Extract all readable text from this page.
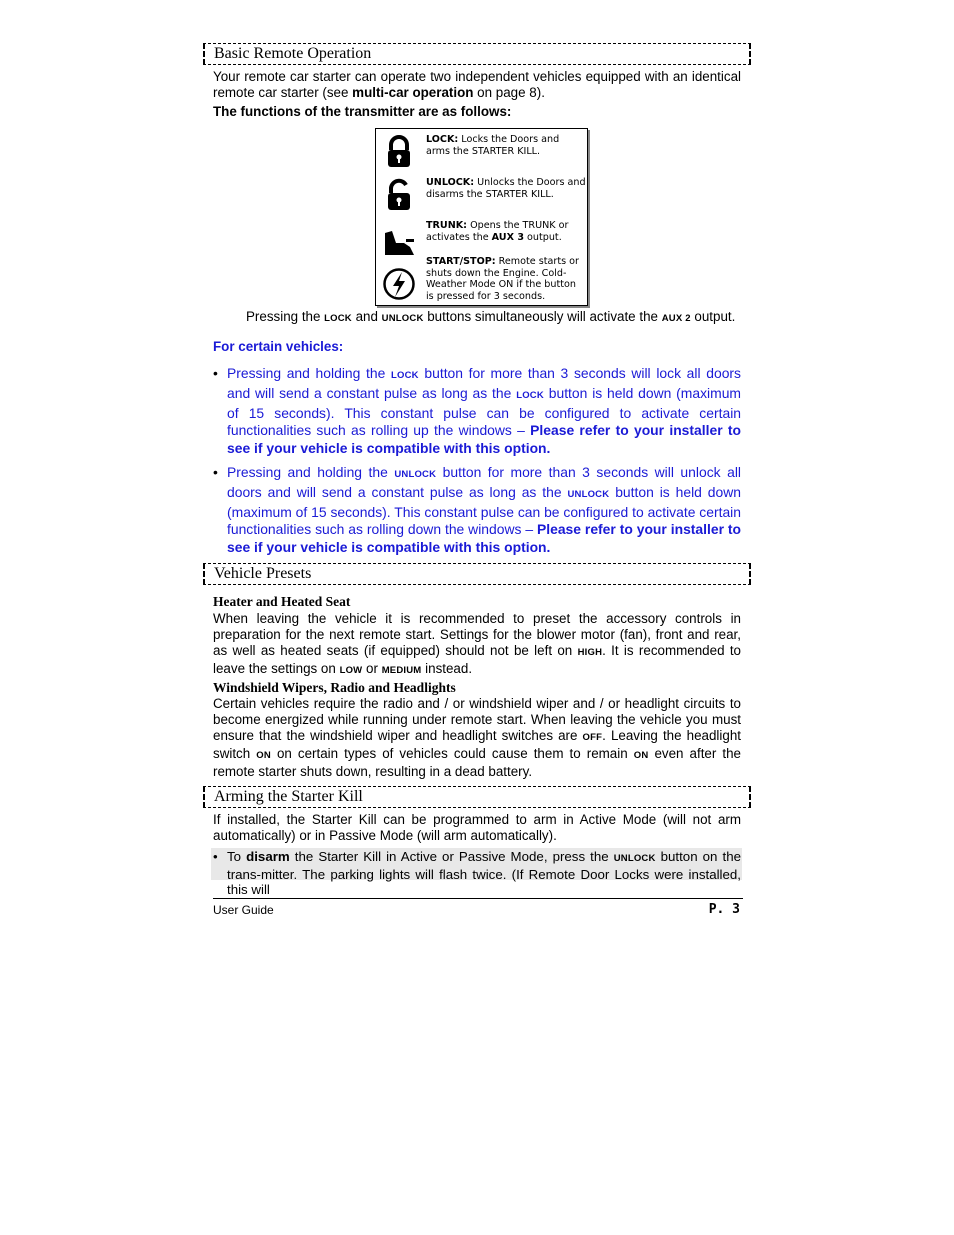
Basic Remote Operation
Your remote car starter can operate two independent vehicles equipped with an identical remote car starter (see multi-car operation on page 8).
The functions of the transmitter are as follows:
LOCK: Locks the Doors and arms the STARTER KILL.
UNLOCK: Unlocks the Doors and disarms the STARTER KILL.
TRUNK: Opens the TRUNK or activates the AUX 3 output.
START/STOP: Remote starts or shuts down the Engine. Cold-Weather Mode ON if the button is pressed for 3 seconds.
Pressing the LOCK and UNLOCK buttons simultaneously will activate the AUX 2 output.
For certain vehicles:
• Pressing and holding the LOCK button for more than 3 seconds will lock all doors and will send a constant pulse as long as the LOCK button is held down (maximum of 15 seconds). This constant pulse can be configured to activate certain functionalities such as rolling up the windows – Please refer to your installer to see if your vehicle is compatible with this option.
• Pressing and holding the UNLOCK button for more than 3 seconds will unlock all doors and will send a constant pulse as long as the UNLOCK button is held down (maximum of 15 seconds). This constant pulse can be configured to activate certain functionalities such as rolling down the windows – Please refer to your installer to see if your vehicle is compatible with this option.
Vehicle Presets
Heater and Heated Seat
When leaving the vehicle it is recommended to preset the accessory controls in preparation for the next remote start. Settings for the blower motor (fan), front and rear, as well as heated seats (if equipped) should not be left on HIGH. It is recommended to leave the settings on LOW or MEDIUM instead.
Windshield Wipers, Radio and Headlights
Certain vehicles require the radio and / or windshield wiper and / or headlight circuits to become energized while running under remote start. When leaving the vehicle you must ensure that the windshield wiper and headlight switches are OFF. Leaving the headlight switch ON on certain types of vehicles could cause them to remain ON even after the remote starter shuts down, resulting in a dead battery.
Arming the Starter Kill
If installed, the Starter Kill can be programmed to arm in Active Mode (will not arm automatically) or in Passive Mode (will arm automatically).
• To disarm the Starter Kill in Active or Passive Mode, press the UNLOCK button on the trans-mitter. The parking lights will flash twice. (If Remote Door Locks were installed, this will
User Guide	P. 3
